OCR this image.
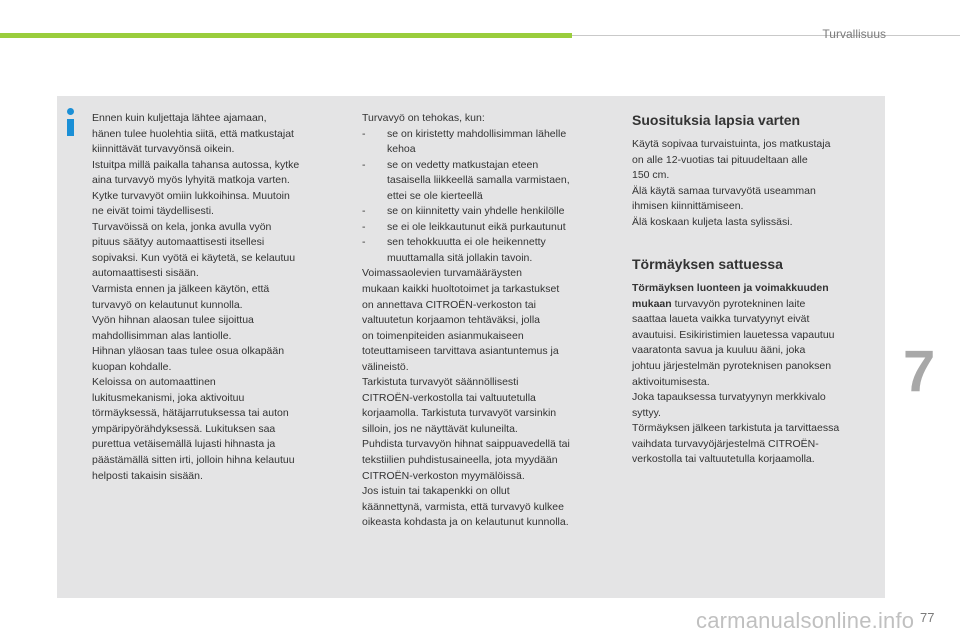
Turvallisuus
Ennen kuin kuljettaja lähtee ajamaan,
hänen tulee huolehtia siitä, että matkustajat
kiinnittävät turvavyönsä oikein.
Istuitpa millä paikalla tahansa autossa, kytke
aina turvavyö myös lyhyitä matkoja varten.
Kytke turvavyöt omiin lukkoihinsa. Muutoin
ne eivät toimi täydellisesti.
Turvavöissä on kela, jonka avulla vyön
pituus säätyy automaattisesti itsellesi
sopivaksi. Kun vyötä ei käytetä, se kelautuu
automaattisesti sisään.
Varmista ennen ja jälkeen käytön, että
turvavyö on kelautunut kunnolla.
Vyön hihnan alaosan tulee sijoittua
mahdollisimman alas lantiolle.
Hihnan yläosan taas tulee osua olkapään
kuopan kohdalle.
Keloissa on automaattinen
lukitusmekanismi, joka aktivoituu
törmäyksessä, hätäjarrutuksessa tai auton
ympäripyörähdyksessä. Lukituksen saa
purettua vetäisemällä lujasti hihnasta ja
päästämällä sitten irti, jolloin hihna kelautuu
helposti takaisin sisään.
Turvavyö on tehokas, kun:
- se on kiristetty mahdollisimman lähelle
kehoa
- se on vedetty matkustajan eteen
tasaisella liikkeellä samalla varmistaen,
ettei se ole kierteellä
- se on kiinnitetty vain yhdelle henkilölle
- se ei ole leikkautunut eikä purkautunut
- sen tehokkuutta ei ole heikennetty
muuttamalla sitä jollakin tavoin.
Voimassaolevien turvamääräysten
mukaan kaikki huoltotoimet ja tarkastukset
on annettava CITROËN-verkoston tai
valtuutetun korjaamon tehtäväksi, jolla
on toimenpiteiden asianmukaiseen
toteuttamiseen tarvittava asiantuntemus ja
välineistö.
Tarkistuta turvavyöt säännöllisesti
CITROËN-verkostolla tai valtuutetulla
korjaamolla. Tarkistuta turvavyöt varsinkin
silloin, jos ne näyttävät kuluneilta.
Puhdista turvavyön hihnat saippuavedellä tai
tekstiilien puhdistusaineella, jota myydään
CITROËN-verkoston myymälöissä.
Jos istuin tai takapenkki on ollut
käännettynä, varmista, että turvavyö kulkee
oikeasta kohdasta ja on kelautunut kunnolla.
Suosituksia lapsia varten
Käytä sopivaa turvaistuinta, jos matkustaja
on alle 12-vuotias tai pituudeltaan alle
150 cm.
Älä käytä samaa turvavyötä useamman
ihmisen kiinnittämiseen.
Älä koskaan kuljeta lasta sylissäsi.
Törmäyksen sattuessa
Törmäyksen luonteen ja voimakkuuden
mukaan turvavyön pyrotekninen laite
saattaa laueta vaikka turvatyynyt eivät
avautuisi. Esikiristimien lauetessa vapautuu
vaaratonta savua ja kuuluu ääni, joka
johtuu järjestelmän pyroteknisen panoksen
aktivoitumisesta.
Joka tapauksessa turvatyynyn merkkivalo
syttyy.
Törmäyksen jälkeen tarkistuta ja tarvittaessa
vaihdata turvavyöjärjestelmä CITROËN-
verkostolla tai valtuutetulla korjaamolla.
7
carmanualsonline.info 77
